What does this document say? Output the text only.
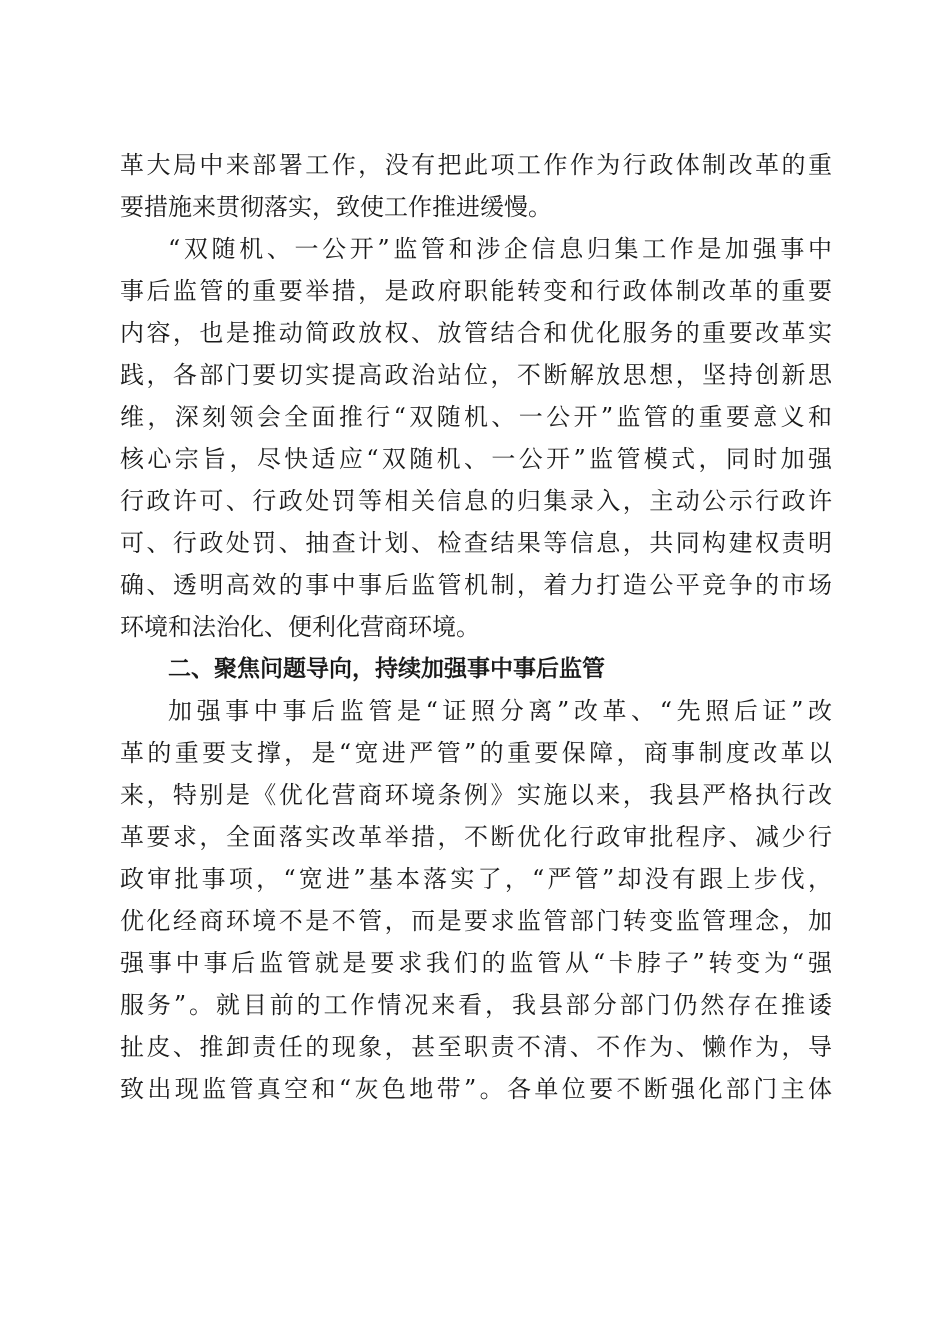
革大局中来部署工作，没有把此项工作作为行政体制改革的重
要措施来贯彻落实，致使工作推进缓慢。
“双随机、一公开”监管和涉企信息归集工作是加强事中
事后监管的重要举措，是政府职能转变和行政体制改革的重要
内容，也是推动简政放权、放管结合和优化服务的重要改革实
践，各部门要切实提高政治站位，不断解放思想，坚持创新思
维，深刻领会全面推行“双随机、一公开”监管的重要意义和
核心宗旨，尽快适应“双随机、一公开”监管模式，同时加强
行政许可、行政处罚等相关信息的归集录入，主动公示行政许
可、行政处罚、抽查计划、检查结果等信息，共同构建权责明
确、透明高效的事中事后监管机制，着力打造公平竞争的市场
环境和法治化、便利化营商环境。
二、聚焦问题导向，持续加强事中事后监管
加强事中事后监管是“证照分离”改革、“先照后证”改
革的重要支撑，是“宽进严管”的重要保障，商事制度改革以
来，特别是《优化营商环境条例》实施以来，我县严格执行改
革要求，全面落实改革举措，不断优化行政审批程序、减少行
政审批事项，“宽进”基本落实了，“严管”却没有跟上步伐，
优化经商环境不是不管，而是要求监管部门转变监管理念，加
强事中事后监管就是要求我们的监管从“卡脖子”转变为“强
服务”。就目前的工作情况来看，我县部分部门仍然存在推诿
扯皮、推卸责任的现象，甚至职责不清、不作为、懒作为，导
致出现监管真空和“灰色地带”。各单位要不断强化部门主体
